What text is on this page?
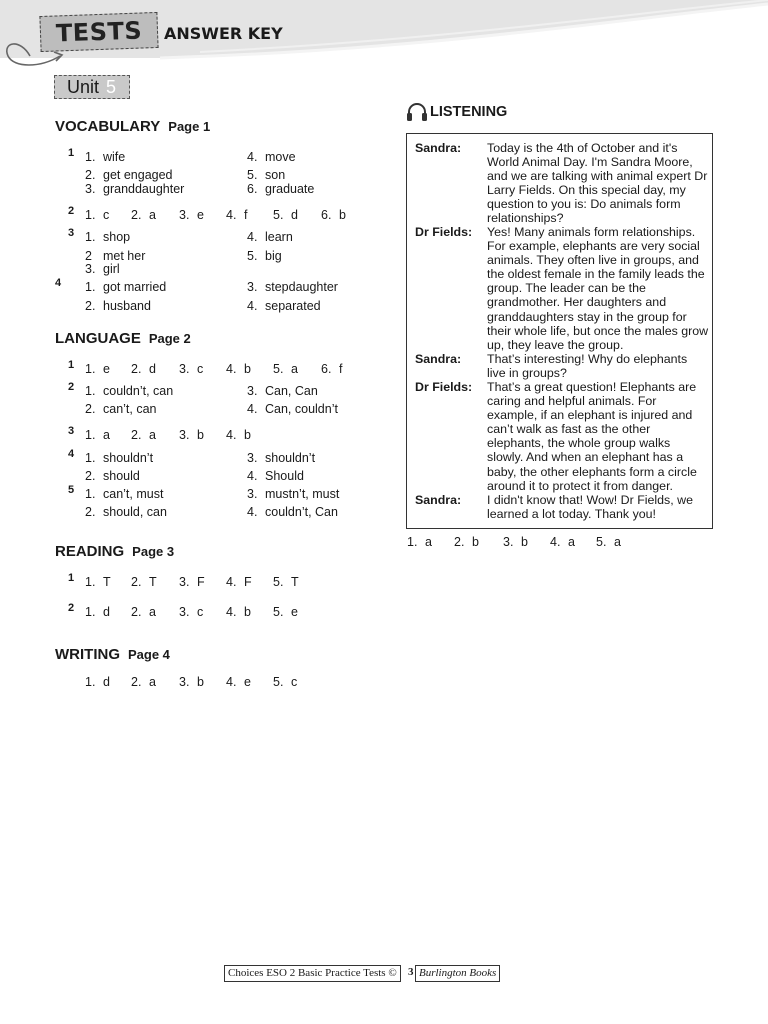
TESTS	ANSWER KEY
Unit 5
VOCABULARY Page 1
1 1. wife	4. move
2. get engaged	5. son
3. granddaughter	6. graduate
2 1. c 2. a 3. e 4. f 5. d 6. b
3 1. shop	4. learn
2 met her	5. big
3. girl
4 1. got married	3. stepdaughter
2. husband	4. separated
LANGUAGE Page 2
1 1. e 2. d 3. c 4. b 5. a 6. f
2 1. couldn’t, can	3. Can, Can
2. can’t, can	4. Can, couldn’t
3 1. a 2. a 3. b 4. b
4 1. shouldn’t	3. shouldn’t
2. should	4. Should
5 1. can’t, must	3. mustn’t, must
2. should, can	4. couldn’t, Can
READING Page 3
1 1. T 2. T 3. F 4. F 5. T
2 1. d 2. a 3. c 4. b 5. e
WRITING Page 4
1. d 2. a 3. b 4. e 5. c
LISTENING
Sandra:	Today is the 4th of October and it's World Animal Day. I'm Sandra Moore, and we are talking with animal expert Dr Larry Fields. On this special day, my question to you is: Do animals form relationships?
Dr Fields:	Yes! Many animals form relationships. For example, elephants are very social animals. They often live in groups, and the oldest female in the family leads the group. The leader can be the grandmother. Her daughters and granddaughters stay in the group for their whole life, but once the males grow up, they leave the group.
Sandra:	That’s interesting! Why do elephants live in groups?
Dr Fields:	That’s a great question! Elephants are caring and helpful animals. For example, if an elephant is injured and can’t walk as fast as the other elephants, the whole group walks slowly. And when an elephant has a baby, the other elephants form a circle around it to protect it from danger.
Sandra:	I didn't know that! Wow! Dr Fields, we learned a lot today. Thank you!
1. a 2. b 3. b 4. a 5. a
Choices ESO 2 Basic Practice Tests ©	3 Burlington Books
